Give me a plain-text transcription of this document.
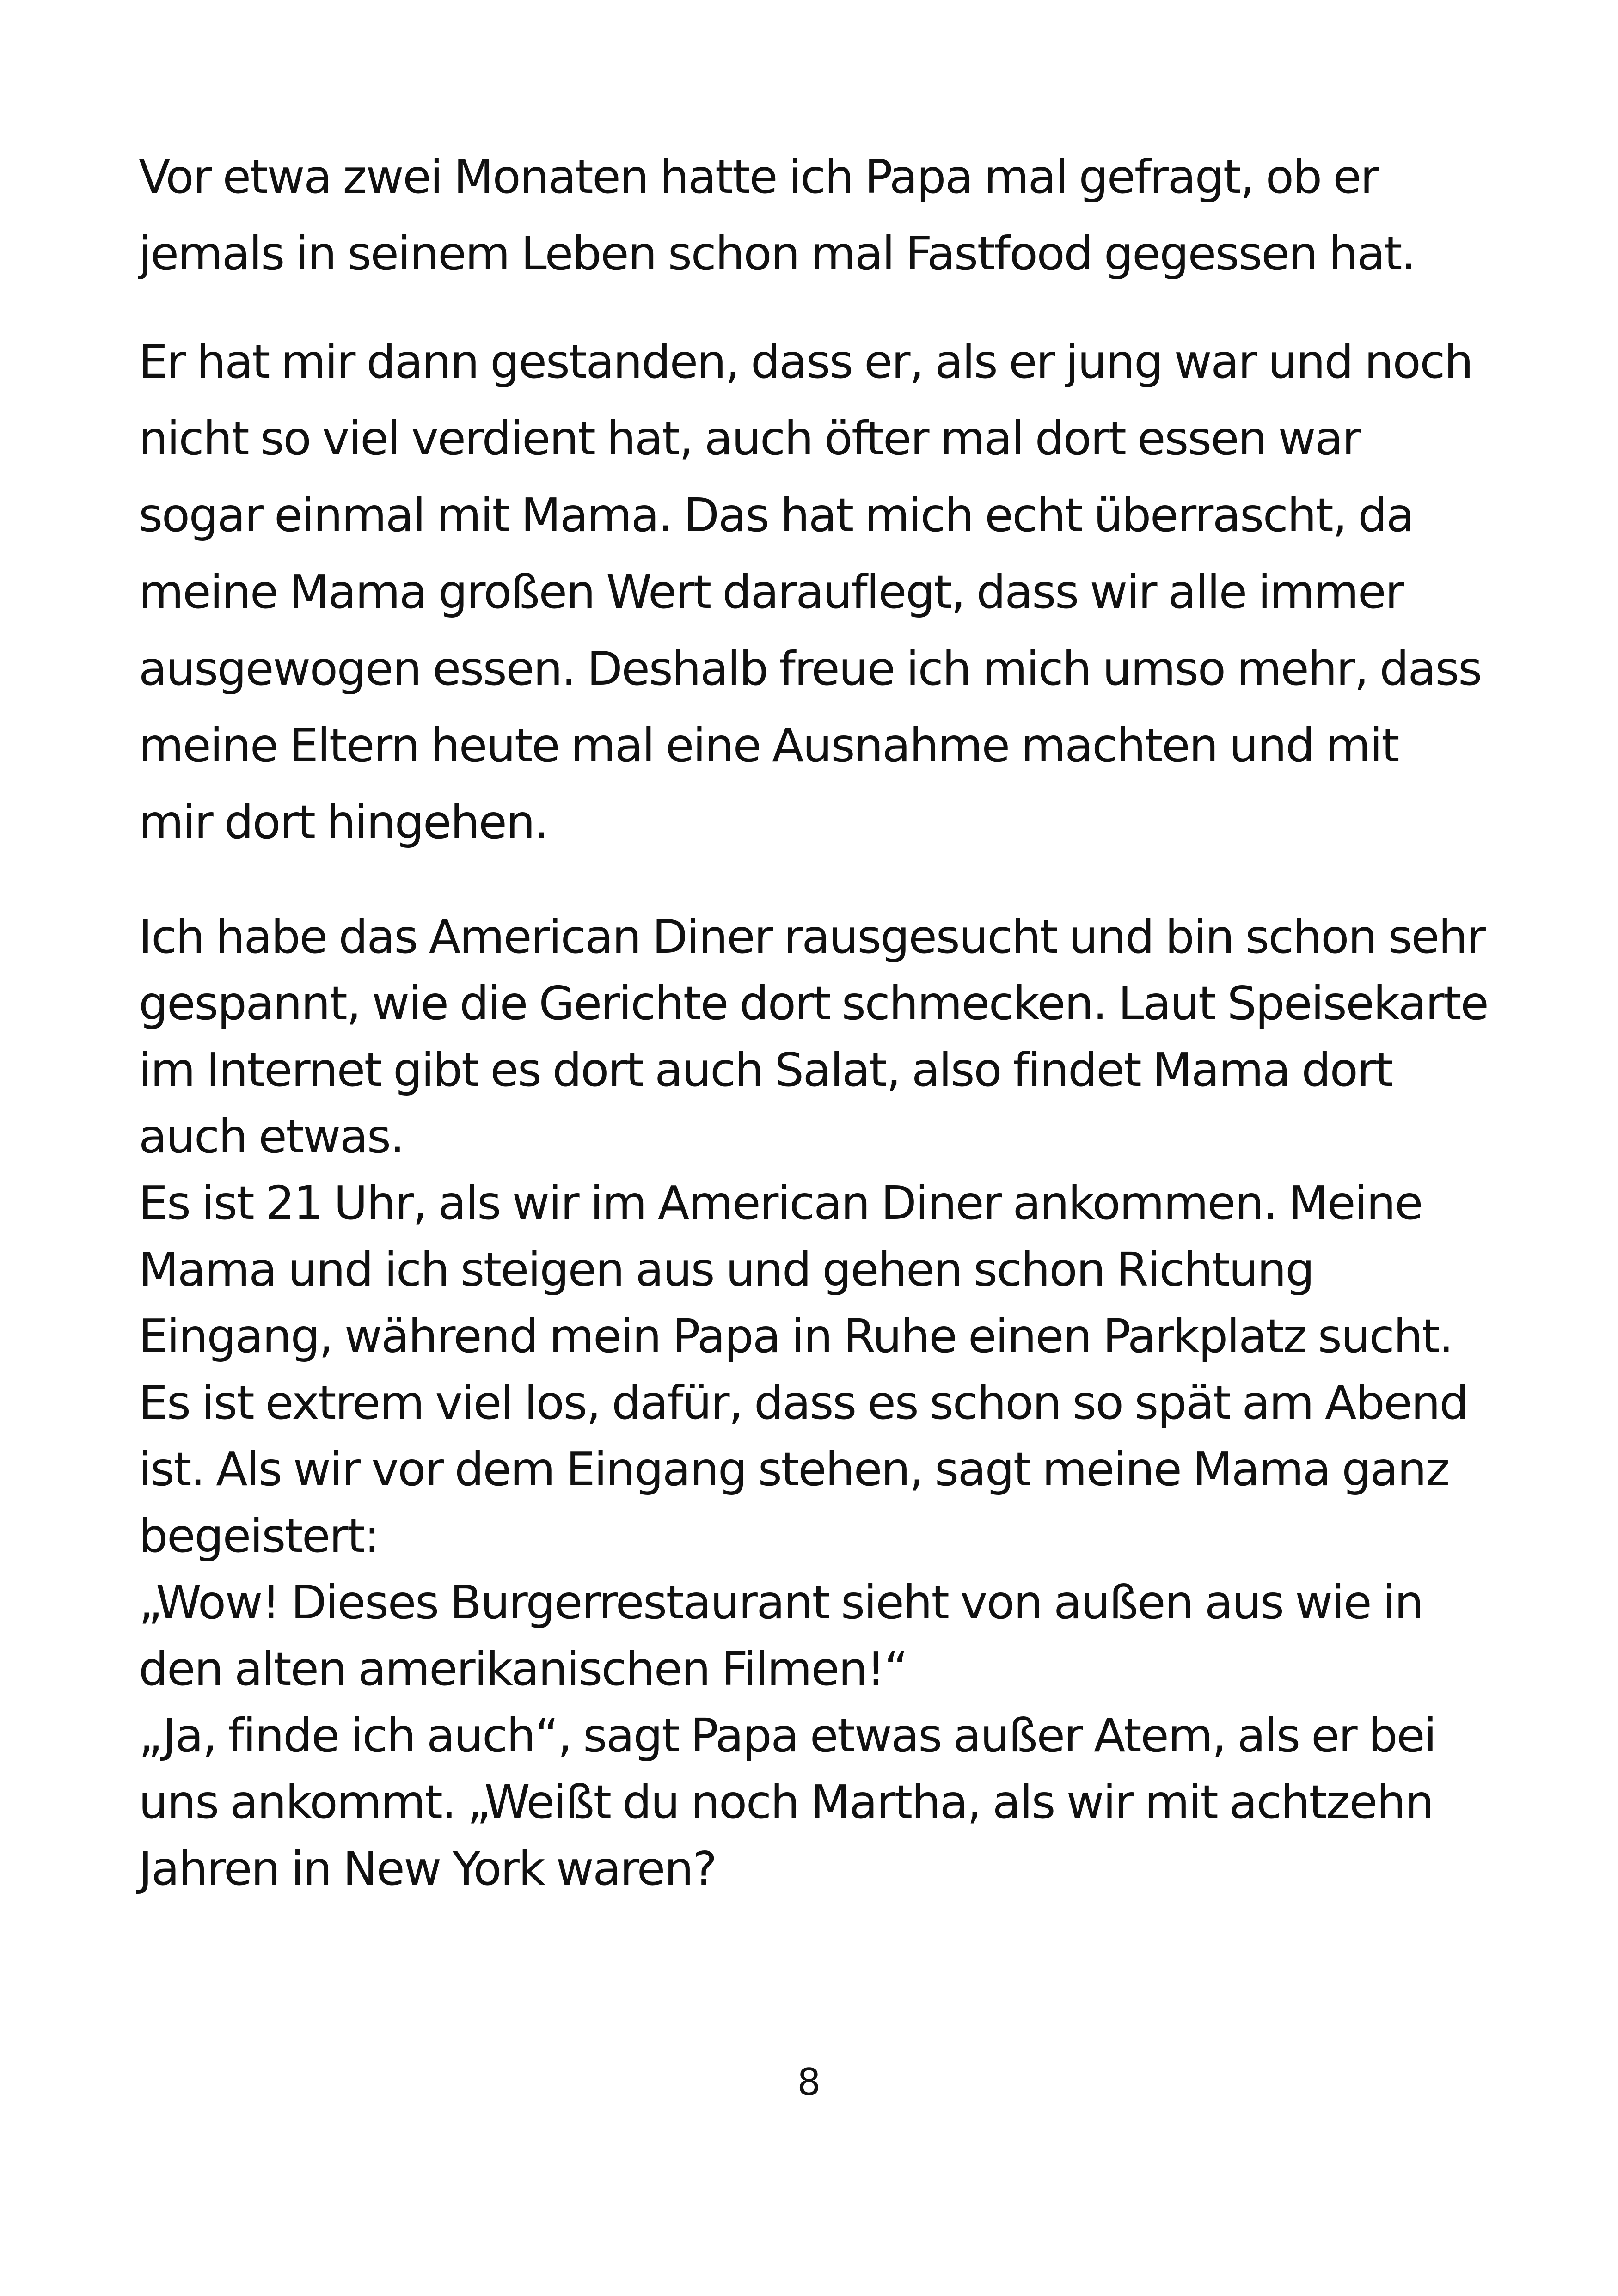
Vor etwa zwei Monaten hatte ich Papa mal gefragt, ob er
jemals in seinem Leben schon mal Fastfood gegessen hat.

Er hat mir dann gestanden, dass er, als er jung war und noch
nicht so viel verdient hat, auch öfter mal dort essen war
sogar einmal mit Mama. Das hat mich echt überrascht, da
meine Mama großen Wert darauflegt, dass wir alle immer
ausgewogen essen. Deshalb freue ich mich umso mehr, dass
meine Eltern heute mal eine Ausnahme machten und mit
mir dort hingehen.

Ich habe das American Diner rausgesucht und bin schon sehr
gespannt, wie die Gerichte dort schmecken. Laut Speisekarte
im Internet gibt es dort auch Salat, also findet Mama dort
auch etwas.
Es ist 21 Uhr, als wir im American Diner ankommen. Meine
Mama und ich steigen aus und gehen schon Richtung
Eingang, während mein Papa in Ruhe einen Parkplatz sucht.
Es ist extrem viel los, dafür, dass es schon so spät am Abend
ist. Als wir vor dem Eingang stehen, sagt meine Mama ganz
begeistert:
„Wow! Dieses Burgerrestaurant sieht von außen aus wie in
den alten amerikanischen Filmen!“
„Ja, finde ich auch“, sagt Papa etwas außer Atem, als er bei
uns ankommt. „Weißt du noch Martha, als wir mit achtzehn
Jahren in New York waren?

8
